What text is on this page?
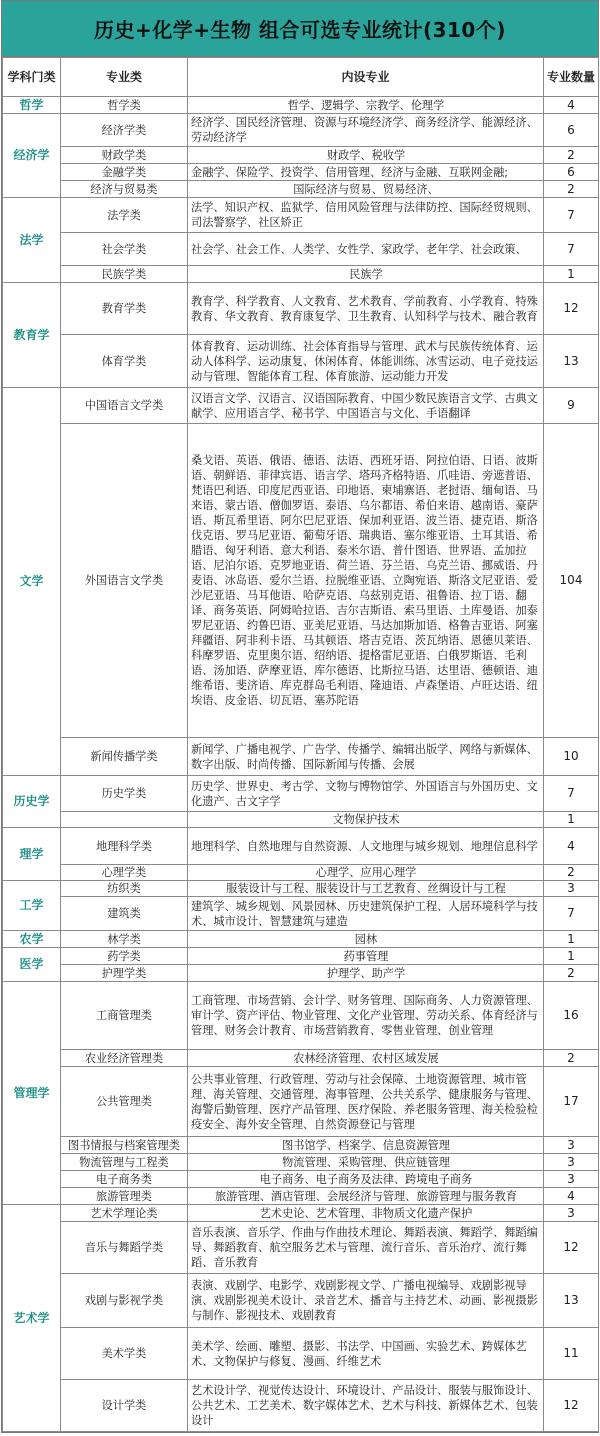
历史+化学+生物 组合可选专业统计(310个)
学科门类	专业类	内设专业	专业数量
哲学	哲学类	哲学、逻辑学、宗教学、伦理学	4
经济学	经济学类	经济学、国民经济管理、资源与环境经济学、商务经济学、能源经济、劳动经济学	6
	财政学类	财政学、税收学	2
	金融学类	金融学、保险学、投资学、信用管理、经济与金融、互联网金融;	6
	经济与贸易类	国际经济与贸易、贸易经济、	2
法学	法学类	法学、知识产权、监狱学、信用风险管理与法律防控、国际经贸规则、司法警察学、社区矫正	7
	社会学类	社会学、社会工作、人类学、女性学、家政学、老年学、社会政策、	7
	民族学类	民族学	1
教育学	教育学类	教育学、科学教育、人文教育、艺术教育、学前教育、小学教育、特殊教育、华文教育、教育康复学、卫生教育、认知科学与技术、融合教育	12
	体育学类	体育教育、运动训练、社会体育指导与管理、武术与民族传统体育、运动人体科学、运动康复、休闲体育、体能训练、冰雪运动、电子竞技运动与管理、智能体育工程、体育旅游、运动能力开发	13
文学	中国语言文学类	汉语言文学、汉语言、汉语国际教育、中国少数民族语言文学、古典文献学、应用语言学、秘书学、中国语言与文化、手语翻译	9
	外国语言文学类	桑戈语、英语、俄语、德语、法语、西班牙语、阿拉伯语、日语、波斯语、朝鲜语、菲律宾语、语言学、塔玛齐格特语、爪哇语、旁遮普语、梵语巴利语、印度尼西亚语、印地语、柬埔寨语、老挝语、缅甸语、马来语、蒙古语、僧伽罗语、泰语、乌尔都语、希伯来语、越南语、豪萨语、斯瓦希里语、阿尔巴尼亚语、保加利亚语、波兰语、捷克语、斯洛伐克语、罗马尼亚语、葡萄牙语、瑞典语、塞尔维亚语、土耳其语、希腊语、匈牙利语、意大利语、泰米尔语、普什图语、世界语、孟加拉语、尼泊尔语、克罗地亚语、荷兰语、芬兰语、乌克兰语、挪威语、丹麦语、冰岛语、爱尔兰语、拉脱维亚语、立陶宛语、斯洛文尼亚语、爱沙尼亚语、马耳他语、哈萨克语、乌兹别克语、祖鲁语、拉丁语、翻译、商务英语、阿姆哈拉语、吉尔吉斯语、索马里语、土库曼语、加泰罗尼亚语、约鲁巴语、亚美尼亚语、马达加斯加语、格鲁吉亚语、阿塞拜疆语、阿非利卡语、马其顿语、塔吉克语、茨瓦纳语、恩德贝莱语、科摩罗语、克里奥尔语、绍纳语、提格雷尼亚语、白俄罗斯语、毛利语、汤加语、萨摩亚语、库尔德语、比斯拉马语、达里语、德顿语、迪维希语、斐济语、库克群岛毛利语、隆迪语、卢森堡语、卢旺达语、纽埃语、皮金语、切瓦语、塞苏陀语	104
	新闻传播学类	新闻学、广播电视学、广告学、传播学、编辑出版学、网络与新媒体、数字出版、时尚传播、国际新闻与传播、会展	10
历史学	历史学类	历史学、世界史、考古学、文物与博物馆学、外国语言与外国历史、文化遗产、古文字学	7
		文物保护技术	1
理学	地理科学类	地理科学、自然地理与自然资源、人文地理与城乡规划、地理信息科学	4
	心理学类	心理学、应用心理学	2
工学	纺织类	服装设计与工程、服装设计与工艺教育、丝绸设计与工程	3
	建筑类	建筑学、城乡规划、风景园林、历史建筑保护工程、人居环境科学与技术、城市设计、智慧建筑与建造	7
农学	林学类	园林	1
医学	药学类	药事管理	1
	护理学类	护理学、助产学	2
管理学	工商管理类	工商管理、市场营销、会计学、财务管理、国际商务、人力资源管理、审计学、资产评估、物业管理、文化产业管理、劳动关系、体育经济与管理、财务会计教育、市场营销教育、零售业管理、创业管理	16
	农业经济管理类	农林经济管理、农村区域发展	2
	公共管理类	公共事业管理、行政管理、劳动与社会保障、土地资源管理、城市管理、海关管理、交通管理、海事管理、公共关系学、健康服务与管理、海警后勤管理、医疗产品管理、医疗保险、养老服务管理、海关检验检疫安全、海外安全管理、自然资源登记与管理	17
	图书情报与档案管理类	图书馆学、档案学、信息资源管理	3
	物流管理与工程类	物流管理、采购管理、供应链管理	3
	电子商务类	电子商务、电子商务及法律、跨境电子商务	3
	旅游管理类	旅游管理、酒店管理、会展经济与管理、旅游管理与服务教育	4
艺术学	艺术学理论类	艺术史论、艺术管理、非物质文化遗产保护	3
	音乐与舞蹈学类	音乐表演、音乐学、作曲与作曲技术理论、舞蹈表演、舞蹈学、舞蹈编导、舞蹈教育、航空服务艺术与管理、流行音乐、音乐治疗、流行舞蹈、音乐教育	12
	戏剧与影视学类	表演、戏剧学、电影学、戏剧影视文学、广播电视编导、戏剧影视导演、戏剧影视美术设计、录音艺术、播音与主持艺术、动画、影视摄影与制作、影视技术、戏剧教育	13
	美术学类	美术学、绘画、雕塑、摄影、书法学、中国画、实验艺术、跨媒体艺术、文物保护与修复、漫画、纤维艺术	11
	设计学类	艺术设计学、视觉传达设计、环境设计、产品设计、服装与服饰设计、公共艺术、工艺美术、数字媒体艺术、艺术与科技、新媒体艺术、包装设计	12
